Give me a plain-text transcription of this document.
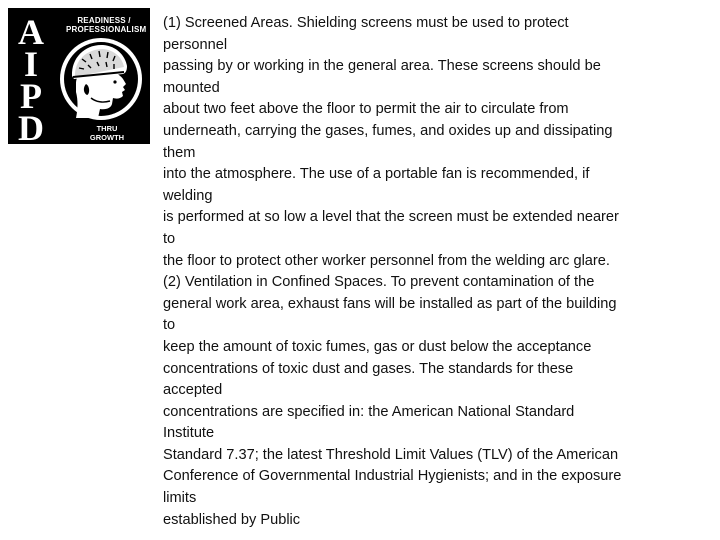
A
I
P
D
READINESS /
PROFESSIONALISM
THRU
GROWTH
(1) Screened Areas. Shielding screens must be used to protect
personnel
passing by or working in the general area. These screens should be
mounted
about two feet above the floor to permit the air to circulate from
underneath, carrying the gases, fumes, and oxides up and dissipating
them
into the atmosphere. The use of a portable fan is recommended, if
welding
is performed at so low a level that the screen must be extended nearer
to
the floor to protect other worker personnel from the welding arc glare.
(2) Ventilation in Confined Spaces. To prevent contamination of the
general work area, exhaust fans will be installed as part of the building
to
keep the amount of toxic fumes, gas or dust below the acceptance
concentrations of toxic dust and gases. The standards for these
accepted
concentrations are specified in: the American National Standard
Institute
Standard 7.37; the latest Threshold Limit Values (TLV) of the American
Conference of Governmental Industrial Hygienists; and in the exposure
limits
established by Public
